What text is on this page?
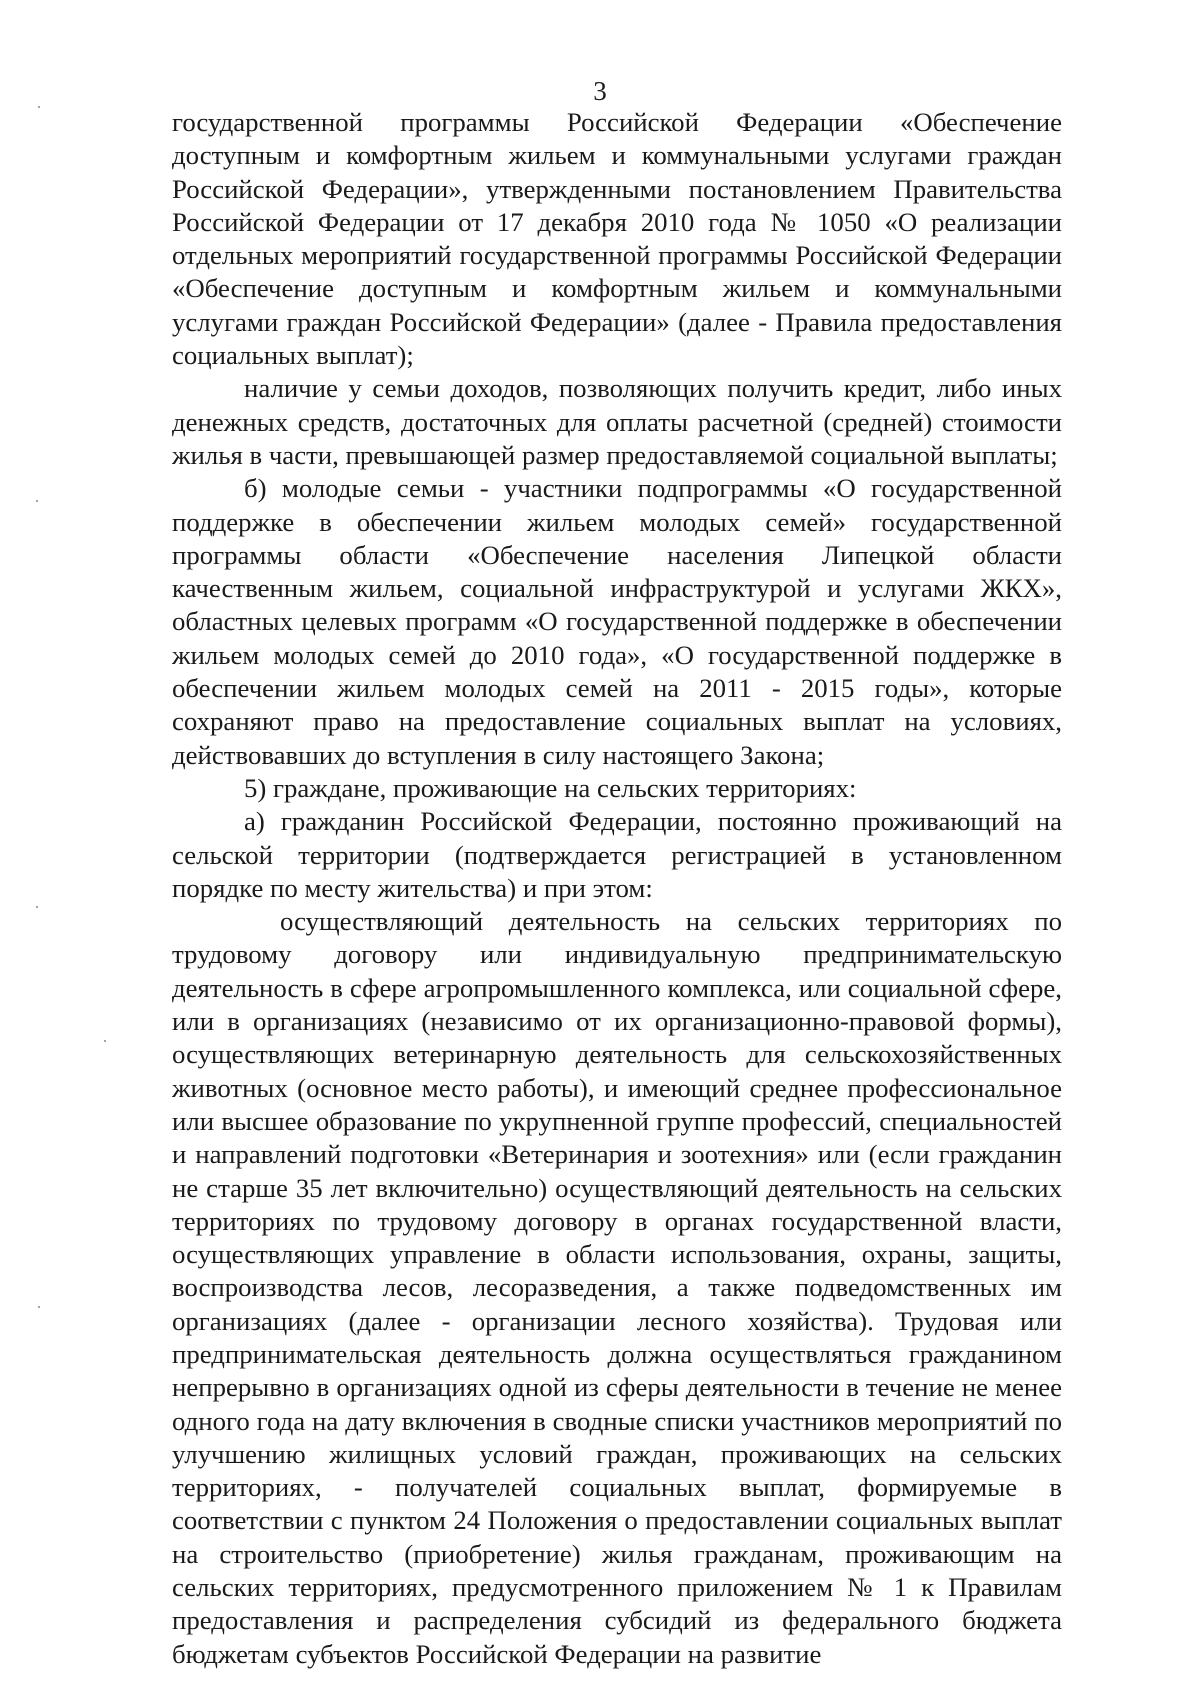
3

государственной программы Российской Федерации «Обеспечение доступным и комфортным жильем и коммунальными услугами граждан Российской Федерации», утвержденными постановлением Правительства Российской Федерации от 17 декабря 2010 года № 1050 «О реализации отдельных мероприятий государственной программы Российской Федерации «Обеспечение доступным и комфортным жильем и коммунальными услугами граждан Российской Федерации» (далее - Правила предоставления социальных выплат);

наличие у семьи доходов, позволяющих получить кредит, либо иных денежных средств, достаточных для оплаты расчетной (средней) стоимости жилья в части, превышающей размер предоставляемой социальной выплаты;

б) молодые семьи - участники подпрограммы «О государственной поддержке в обеспечении жильем молодых семей» государственной программы области «Обеспечение населения Липецкой области качественным жильем, социальной инфраструктурой и услугами ЖКХ», областных целевых программ «О государственной поддержке в обеспечении жильем молодых семей до 2010 года», «О государственной поддержке в обеспечении жильем молодых семей на 2011 - 2015 годы», которые сохраняют право на предоставление социальных выплат на условиях, действовавших до вступления в силу настоящего Закона;

5) граждане, проживающие на сельских территориях:

а) гражданин Российской Федерации, постоянно проживающий на сельской территории (подтверждается регистрацией в установленном порядке по месту жительства) и при этом:

осуществляющий деятельность на сельских территориях по трудовому договору или индивидуальную предпринимательскую деятельность в сфере агропромышленного комплекса, или социальной сфере, или в организациях (независимо от их организационно-правовой формы), осуществляющих ветеринарную деятельность для сельскохозяйственных животных (основное место работы), и имеющий среднее профессиональное или высшее образование по укрупненной группе профессий, специальностей и направлений подготовки «Ветеринария и зоотехния» или (если гражданин не старше 35 лет включительно) осуществляющий деятельность на сельских территориях по трудовому договору в органах государственной власти, осуществляющих управление в области использования, охраны, защиты, воспроизводства лесов, лесоразведения, а также подведомственных им организациях (далее - организации лесного хозяйства). Трудовая или предпринимательская деятельность должна осуществляться гражданином непрерывно в организациях одной из сферы деятельности в течение не менее одного года на дату включения в сводные списки участников мероприятий по улучшению жилищных условий граждан, проживающих на сельских территориях, - получателей социальных выплат, формируемые в соответствии с пунктом 24 Положения о предоставлении социальных выплат на строительство (приобретение) жилья гражданам, проживающим на сельских территориях, предусмотренного приложением № 1 к Правилам предоставления и распределения субсидий из федерального бюджета бюджетам субъектов Российской Федерации на развитие
